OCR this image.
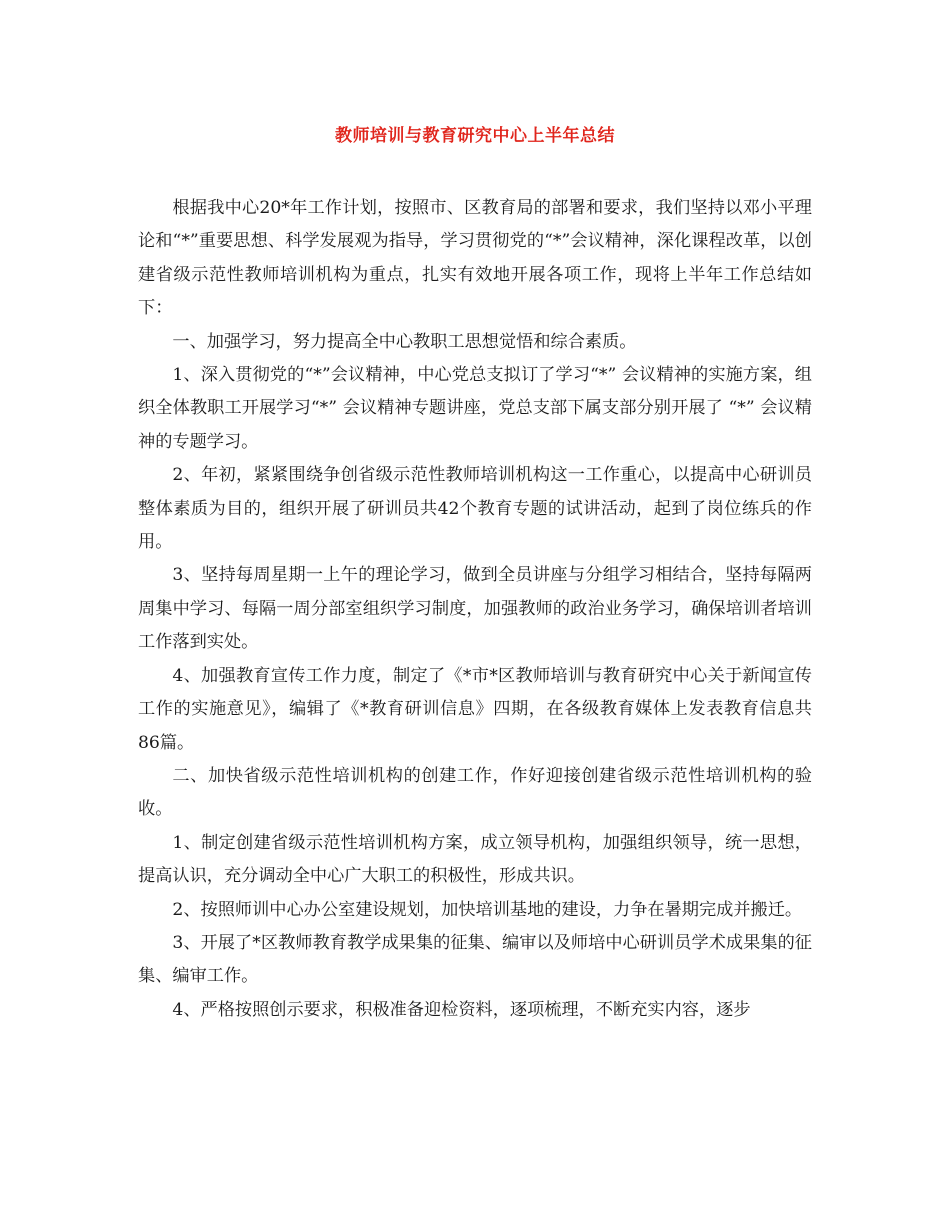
教师培训与教育研究中心上半年总结

根据我中心20*年工作计划，按照市、区教育局的部署和要求，我们坚持以邓小平理论和“*”重要思想、科学发展观为指导，学习贯彻党的“*”会议精神，深化课程改革，以创建省级示范性教师培训机构为重点，扎实有效地开展各项工作，现将上半年工作总结如下：

一、加强学习，努力提高全中心教职工思想觉悟和综合素质。

1、深入贯彻党的“*”会议精神，中心党总支拟订了学习“*” 会议精神的实施方案，组织全体教职工开展学习“*” 会议精神专题讲座，党总支部下属支部分别开展了 “*” 会议精神的专题学习。

2、年初，紧紧围绕争创省级示范性教师培训机构这一工作重心，以提高中心研训员整体素质为目的，组织开展了研训员共42个教育专题的试讲活动，起到了岗位练兵的作用。

3、坚持每周星期一上午的理论学习，做到全员讲座与分组学习相结合，坚持每隔两周集中学习、每隔一周分部室组织学习制度，加强教师的政治业务学习，确保培训者培训工作落到实处。

4、加强教育宣传工作力度，制定了《*市*区教师培训与教育研究中心关于新闻宣传工作的实施意见》，编辑了《*教育研训信息》四期，在各级教育媒体上发表教育信息共86篇。

二、加快省级示范性培训机构的创建工作，作好迎接创建省级示范性培训机构的验收。

1、制定创建省级示范性培训机构方案，成立领导机构，加强组织领导，统一思想，提高认识，充分调动全中心广大职工的积极性，形成共识。

2、按照师训中心办公室建设规划，加快培训基地的建设，力争在暑期完成并搬迁。

3、开展了*区教师教育教学成果集的征集、编审以及师培中心研训员学术成果集的征集、编审工作。

4、严格按照创示要求，积极准备迎检资料，逐项梳理，不断充实内容，逐步
